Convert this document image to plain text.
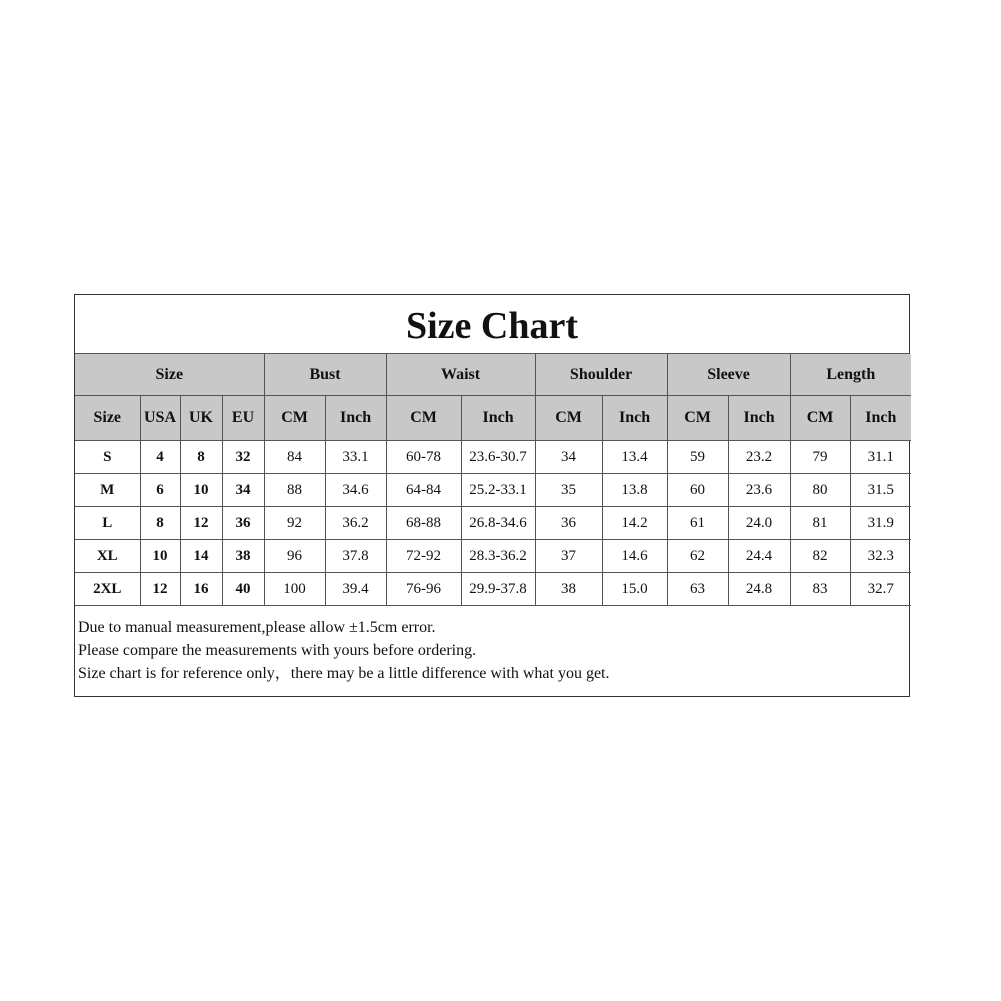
Size Chart
Size				Bust		Waist		Shoulder		Sleeve		Length	
Size	USA	UK	EU	CM	Inch	CM	Inch	CM	Inch	CM	Inch	CM	Inch
S	4	8	32	84	33.1	60-78	23.6-30.7	34	13.4	59	23.2	79	31.1
M	6	10	34	88	34.6	64-84	25.2-33.1	35	13.8	60	23.6	80	31.5
L	8	12	36	92	36.2	68-88	26.8-34.6	36	14.2	61	24.0	81	31.9
XL	10	14	38	96	37.8	72-92	28.3-36.2	37	14.6	62	24.4	82	32.3
2XL	12	16	40	100	39.4	76-96	29.9-37.8	38	15.0	63	24.8	83	32.7
Due to manual measurement,please allow ±1.5cm error.
Please compare the measurements with yours before ordering.
Size chart is for reference only，there may be a little difference with what you get.
